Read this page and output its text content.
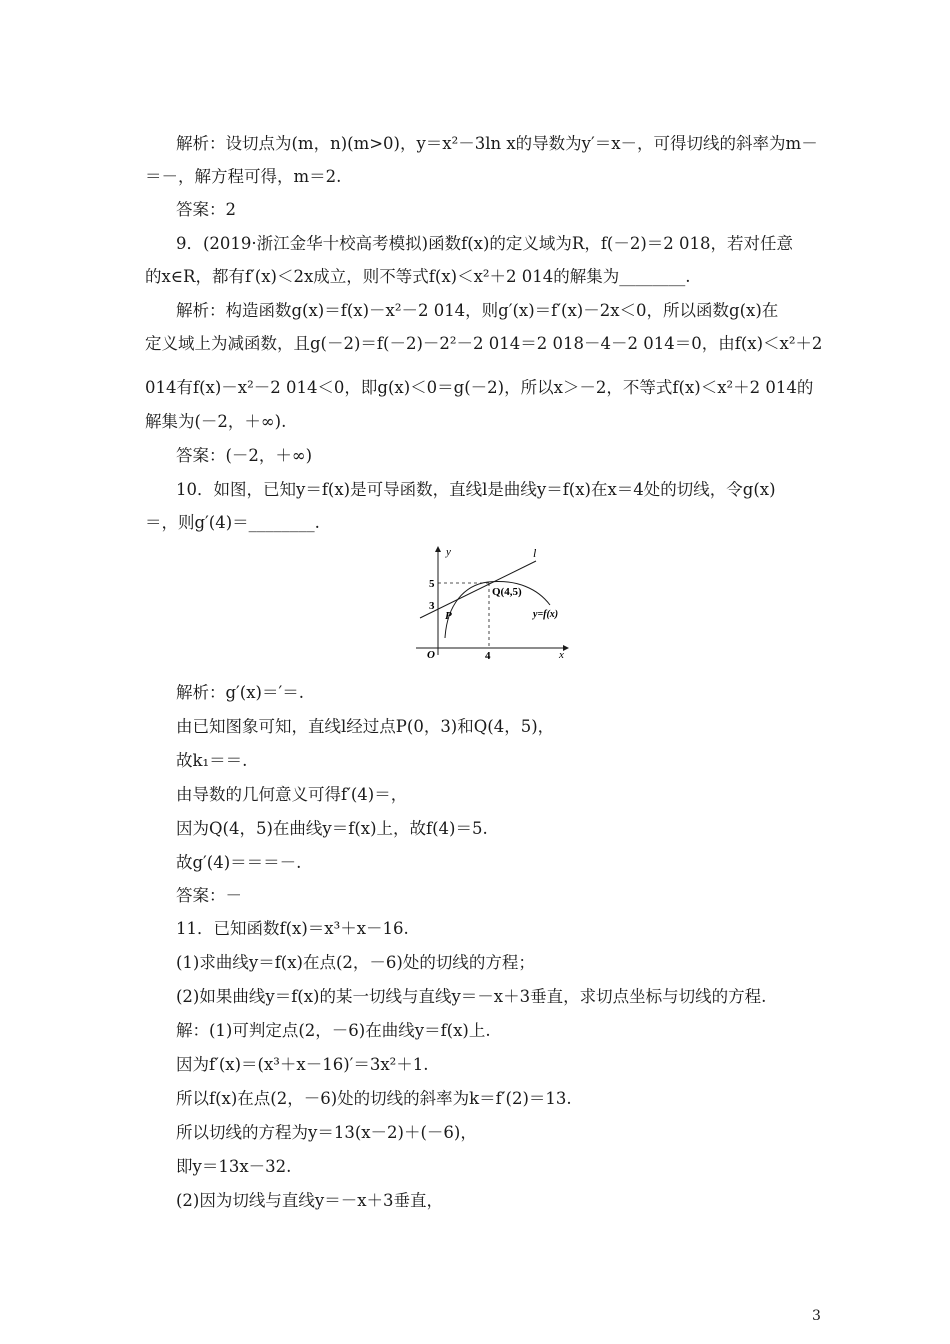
解析：设切点为(m，n)(m>0)，y＝x²－3ln x的导数为y′＝x－，可得切线的斜率为m－
＝－，解方程可得，m＝2.
答案：2
9．(2019·浙江金华十校高考模拟)函数f(x)的定义域为R，f(－2)＝2 018，若对任意
的x∈R，都有f′(x)＜2x成立，则不等式f(x)＜x²＋2 014的解集为________.
解析：构造函数g(x)＝f(x)－x²－2 014，则g′(x)＝f′(x)－2x＜0，所以函数g(x)在
定义域上为减函数，且g(－2)＝f(－2)－2²－2 014＝2 018－4－2 014＝0，由f(x)＜x²＋2
014有f(x)－x²－2 014＜0，即g(x)＜0＝g(－2)，所以x＞－2，不等式f(x)＜x²＋2 014的
解集为(－2，＋∞).
答案：(－2，＋∞)
10．如图，已知y＝f(x)是可导函数，直线l是曲线y＝f(x)在x＝4处的切线，令g(x)
＝，则g′(4)＝________.
y
x
l
O
5
3
4
P
Q(4,5)
y=f(x)
解析：g′(x)＝′＝.
由已知图象可知，直线l经过点P(0，3)和Q(4，5)，
故k₁＝＝.
由导数的几何意义可得f′(4)＝，
因为Q(4，5)在曲线y＝f(x)上，故f(4)＝5.
故g′(4)＝＝＝－.
答案：－
11．已知函数f(x)＝x³＋x－16.
(1)求曲线y＝f(x)在点(2，－6)处的切线的方程；
(2)如果曲线y＝f(x)的某一切线与直线y＝－x＋3垂直，求切点坐标与切线的方程.
解：(1)可判定点(2，－6)在曲线y＝f(x)上.
因为f′(x)＝(x³＋x－16)′＝3x²＋1.
所以f(x)在点(2，－6)处的切线的斜率为k＝f′(2)＝13.
所以切线的方程为y＝13(x－2)＋(－6)，
即y＝13x－32.
(2)因为切线与直线y＝－x＋3垂直，
3
